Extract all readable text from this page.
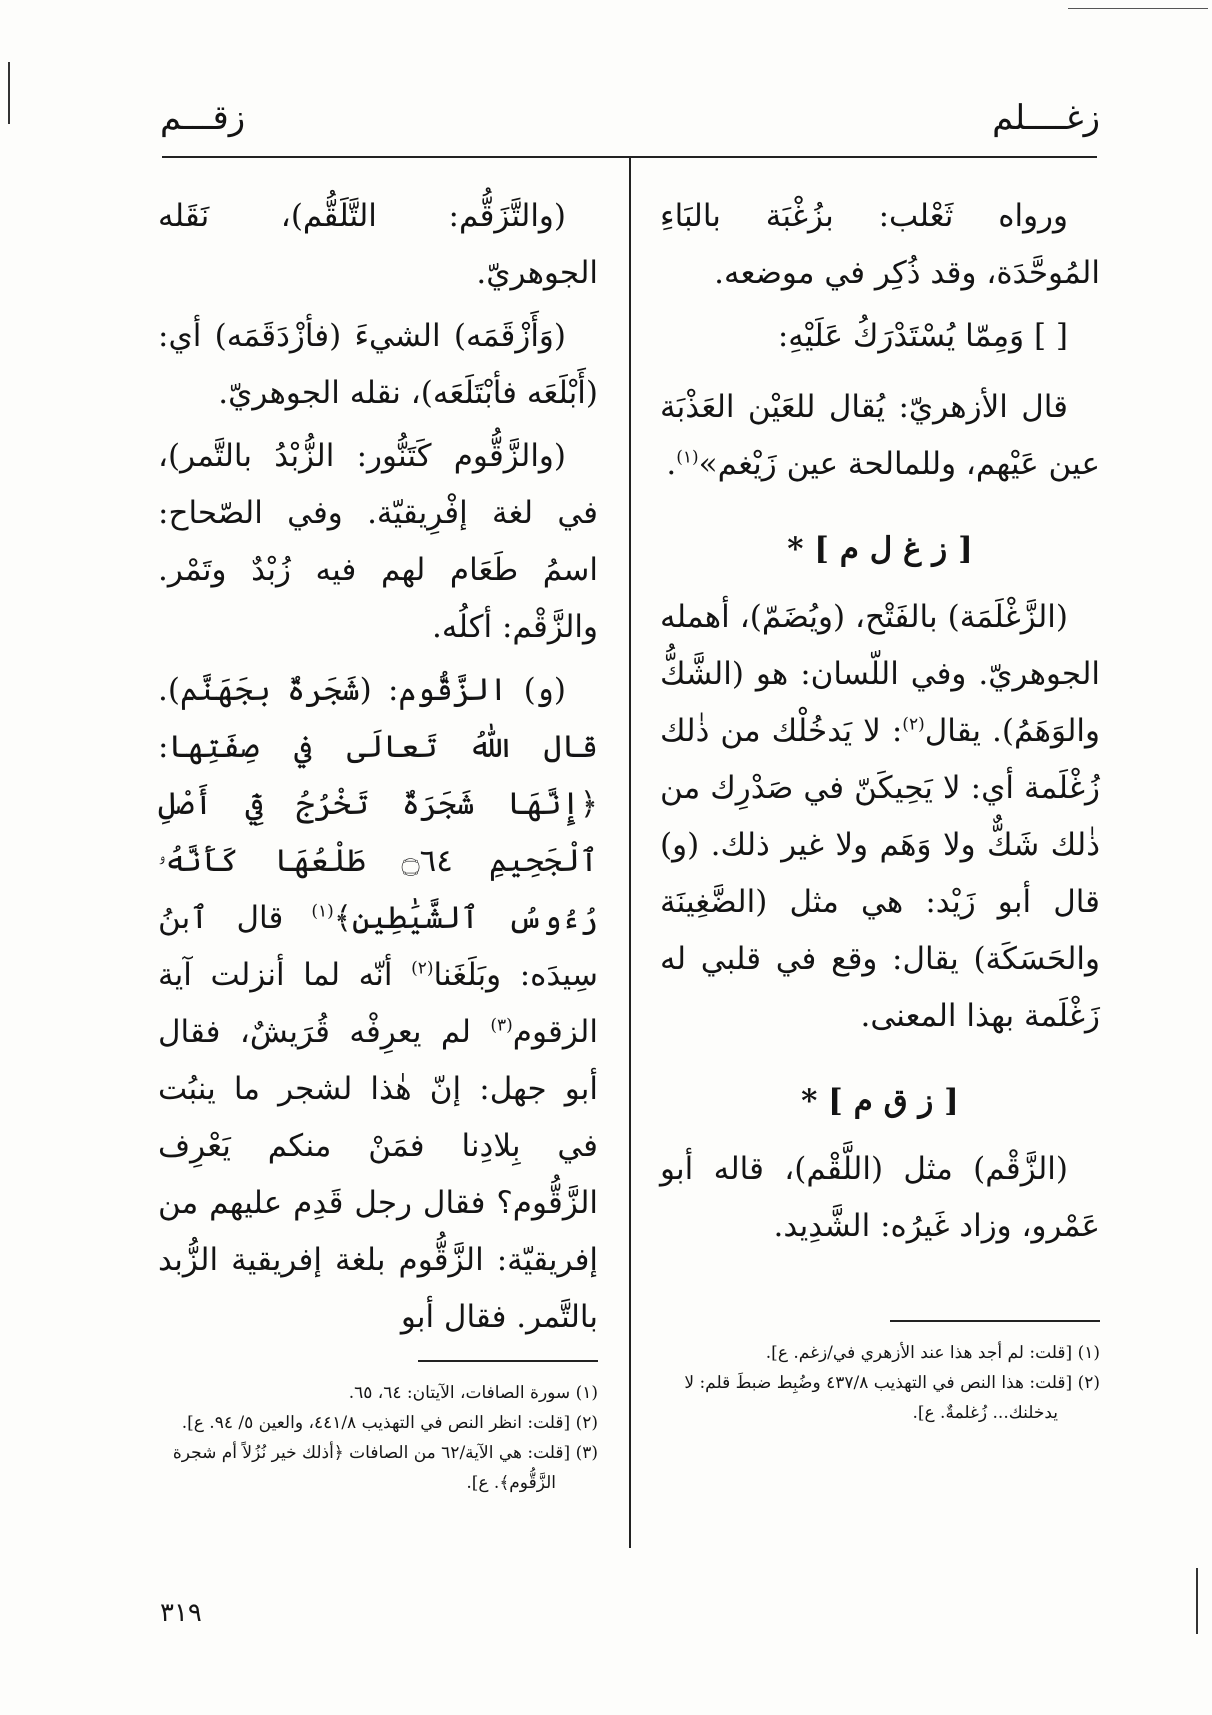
زغــــلم
زقـــم

ورواه ثَعْلب: بزُغْبَة بالبَاءِ المُوحَّدَة، وقد ذُكِر في موضعه.

[ ] وَمِمّا يُسْتَدْرَكُ عَلَيْهِ:

قال الأزهريّ: يُقال للعَيْن العَذْبَة عين عَيْهم، وللمالحة عين زَيْغم»$^{(١)}$.

[ ز غ ل م ] *

(الزَّغْلَمَة) بالفَتْح، (ويُضَمّ)، أهمله الجوهريّ. وفي اللّسان: هو (الشَّكُّ والوَهَمُ). يقال$^{(٢)}$: لا يَدخُلْك من ذٰلك زُغْلَمة أي: لا يَحِيكَنّ في صَدْرِك من ذٰلك شَكٌّ ولا وَهَم ولا غير ذلك. (و) قال أبو زَيْد: هي مثل (الضَّغِينَة والحَسَكَة) يقال: وقع في قلبي له زَغْلَمة بهذا المعنى.

[ ز ق م ] *

(الزَّقْم) مثل (اللَّقْم)، قاله أبو عَمْرو، وزاد غَيرُه: الشَّدِيد.

(والتَّزَقُّم: التَّلَقُّم)، نَقَله الجوهريّ.

(وَأَزْقَمَه) الشيءَ (فأزْدَقَمَه) أي: (أَبْلَعَه فأبْتَلَعَه)، نقله الجوهريّ.

(والزَّقُّوم كَتَنُّور: الزُّبْدُ بالتَّمر)، في لغة إفْرِيقيّة. وفي الصّحاح: اسمُ طَعَام لهم فيه زُبْدٌ وتَمْر. والزَّقْم: أكلُه.

(و) الزَّقُّوم: (شَجَرةٌ بجَهَنَّم). قال اللّٰهُ تَعالَى في صِفَتِها: ﴿إِنَّهَا شَجَرَةٌ تَخْرُجُ فِيٓ أَصْلِ ٱلْجَحِيمِ ۝٦٤ طَلْعُهَا كَأَنَّهُۥ رُءُوسُ ٱلشَّيَٰطِينِ﴾$^{(١)}$ قال ٱبنُ سِيدَه: وبَلَغَنا$^{(٢)}$ أنّه لما أنزلت آية الزقوم$^{(٣)}$ لم يعرِفْه قُرَيشٌ، فقال أبو جهل: إنّ هٰذا لشجر ما ينبُت في بِلادِنا فمَنْ منكم يَعْرِف الزَّقُّوم؟ فقال رجل قَدِم عليهم من إفريقيّة: الزَّقُّوم بلغة إفريقية الزُّبد بالتَّمر. فقال أبو

(١) سورة الصافات، الآيتان: ٦٤، ٦٥.

(٢) [قلت: انظر النص في التهذيب ٤٤١/٨، والعين ٥/ ٩٤. ع].

(٣) [قلت: هي الآية/٦٢ من الصافات ﴿أذلك خير نُزُلاً أم شجرة الزَّقُّوم﴾. ع].

(١) [قلت: لم أجد هذا عند الأزهري في/زغم. ع].

(٢) [قلت: هذا النص في التهذيب ٤٣٧/٨ وضُبِط ضبطَ قلم: لا يدخلنك... زُغلمةٌ. ع].

٣١٩
